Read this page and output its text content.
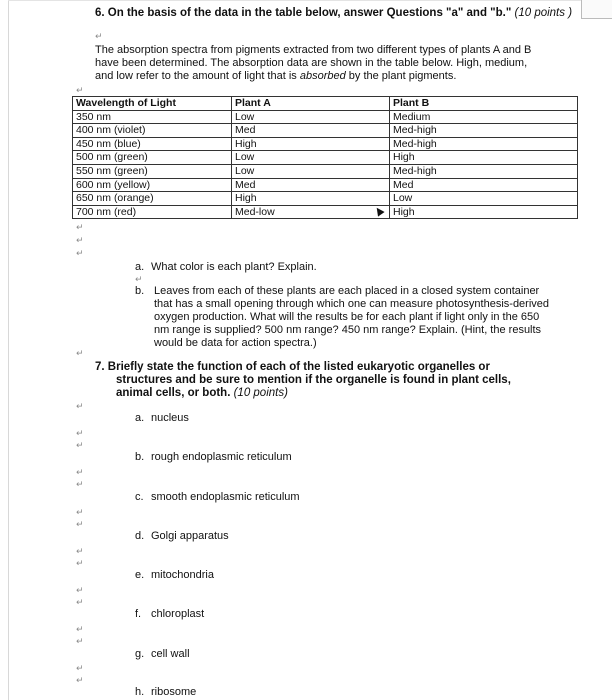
6. On the basis of the data in the table below, answer Questions "a" and "b." (10 points )
↵
The absorption spectra from pigments extracted from two different types of plants A and B
have been determined. The absorption data are shown in the table below. High, medium,
and low refer to the amount of light that is absorbed by the plant pigments.
↵
Wavelength of Light	Plant A	Plant B
350 nm	Low	Medium
400 nm (violet)	Med	Med-high
450 nm (blue)	High	Med-high
500 nm (green)	Low	High
550 nm (green)	Low	Med-high
600 nm (yellow)	Med	Med
650 nm (orange)	High	Low
700 nm (red)	Med-low	High
↵
↵
↵
a. What color is each plant? Explain.
↵
b. Leaves from each of these plants are each placed in a closed system container
that has a small opening through which one can measure photosynthesis-derived
oxygen production. What will the results be for each plant if light only in the 650
nm range is supplied? 500 nm range? 450 nm range? Explain. (Hint, the results
would be data for action spectra.)
↵
7. Briefly state the function of each of the listed eukaryotic organelles or
structures and be sure to mention if the organelle is found in plant cells,
animal cells, or both. (10 points)
a. nucleus
b. rough endoplasmic reticulum
c. smooth endoplasmic reticulum
d. Golgi apparatus
e. mitochondria
f. chloroplast
g. cell wall
h. ribosome
↵
↵
↵
↵
↵
↵
↵
↵
↵
↵
↵
↵
↵
↵
↵
